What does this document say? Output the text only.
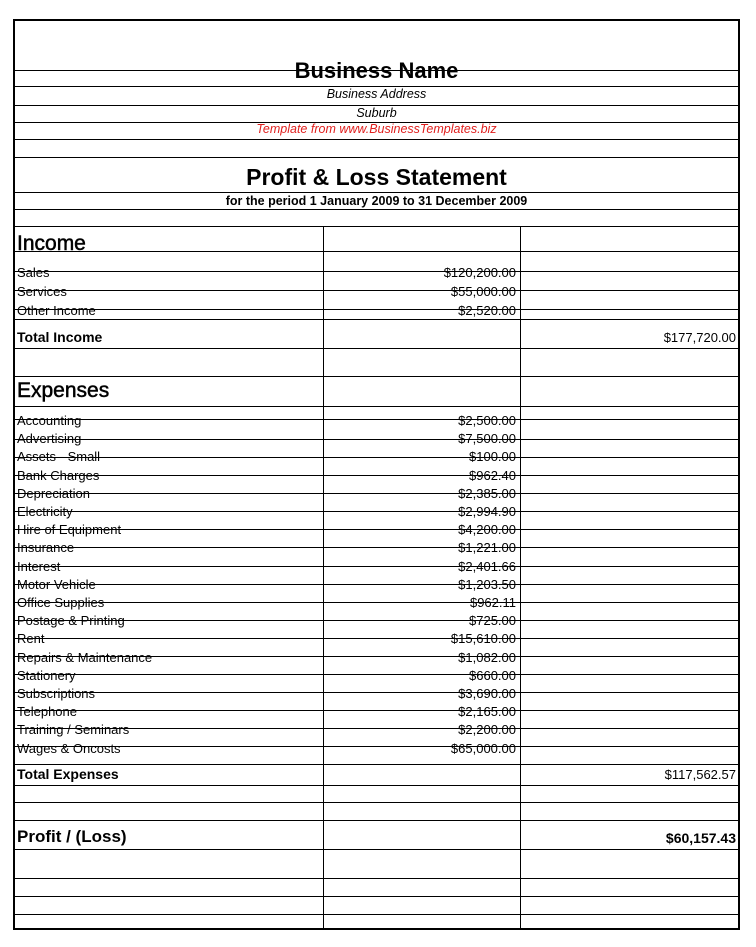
Business Name
Business Address
Suburb
Template from www.BusinessTemplates.biz
Profit & Loss Statement
for the period 1 January 2009 to 31 December 2009
Income
Sales	$120,200.00
Services	$55,000.00
Other Income	$2,520.00
Total Income	$177,720.00
Expenses
Accounting	$2,500.00
Advertising	$7,500.00
Assets - Small	$100.00
Bank Charges	$962.40
Depreciation	$2,385.00
Electricity	$2,994.90
Hire of Equipment	$4,200.00
Insurance	$1,221.00
Interest	$2,401.66
Motor Vehicle	$1,203.50
Office Supplies	$962.11
Postage & Printing	$725.00
Rent	$15,610.00
Repairs & Maintenance	$1,082.00
Stationery	$660.00
Subscriptions	$3,690.00
Telephone	$2,165.00
Training / Seminars	$2,200.00
Wages & Oncosts	$65,000.00
Total Expenses	$117,562.57
Profit / (Loss)	$60,157.43
